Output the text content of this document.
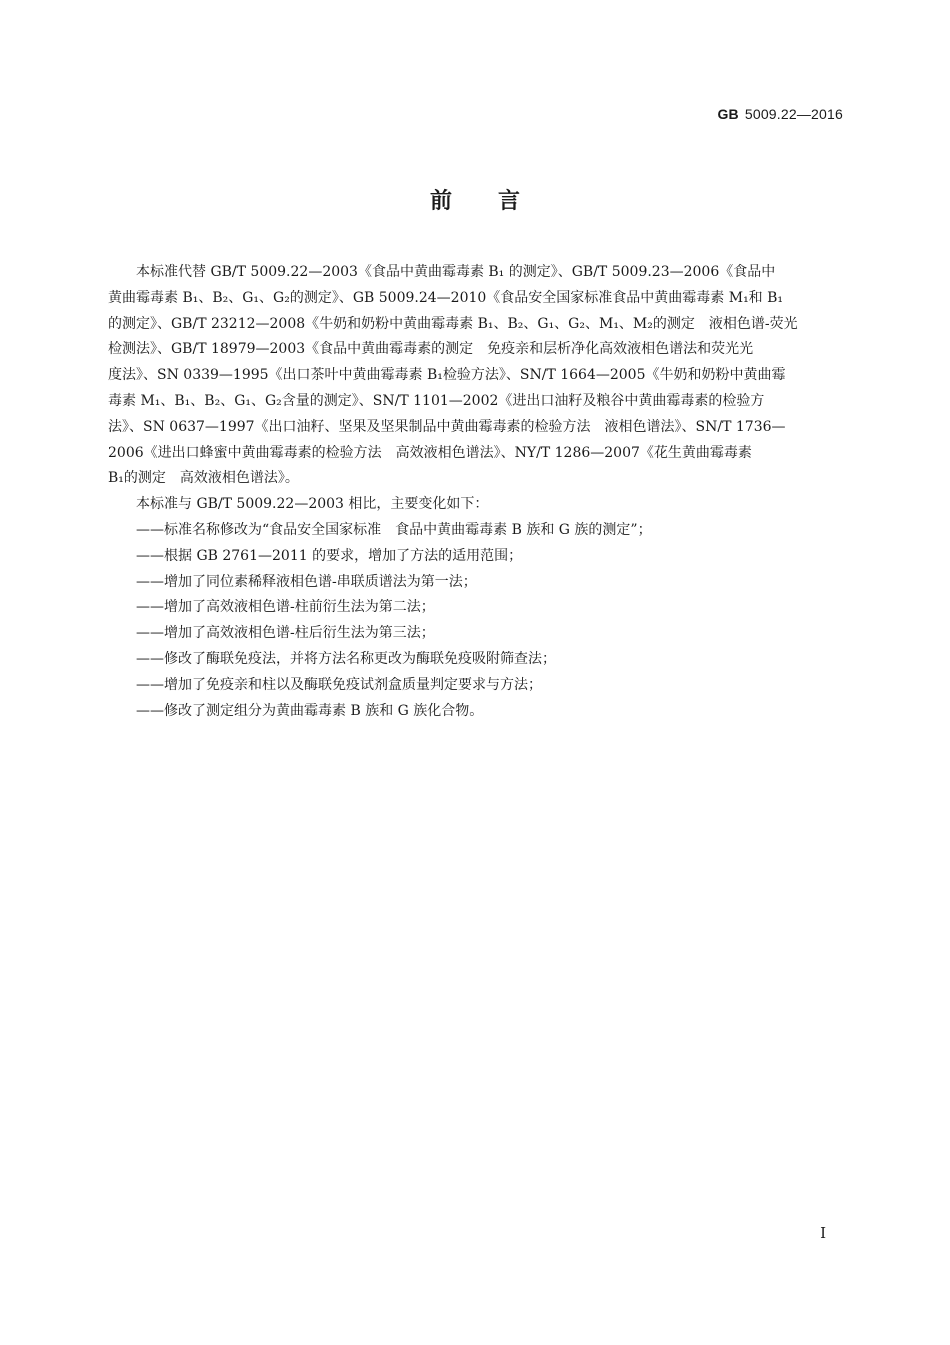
GB 5009.22—2016
前言

本标准代替 GB/T 5009.22—2003《食品中黄曲霉毒素 B₁ 的测定》、GB/T 5009.23—2006《食品中
黄曲霉毒素 B₁、B₂、G₁、G₂的测定》、GB 5009.24—2010《食品安全国家标准食品中黄曲霉毒素 M₁和 B₁
的测定》、GB/T 23212—2008《牛奶和奶粉中黄曲霉毒素 B₁、B₂、G₁、G₂、M₁、M₂的测定　液相色谱-荧光
检测法》、GB/T 18979—2003《食品中黄曲霉毒素的测定　免疫亲和层析净化高效液相色谱法和荧光光
度法》、SN 0339—1995《出口茶叶中黄曲霉毒素 B₁检验方法》、SN/T 1664—2005《牛奶和奶粉中黄曲霉
毒素 M₁、B₁、B₂、G₁、G₂含量的测定》、SN/T 1101—2002《进出口油籽及粮谷中黄曲霉毒素的检验方
法》、SN 0637—1997《出口油籽、坚果及坚果制品中黄曲霉毒素的检验方法　液相色谱法》、SN/T 1736—
2006《进出口蜂蜜中黄曲霉毒素的检验方法　高效液相色谱法》、NY/T 1286—2007《花生黄曲霉毒素
B₁的测定　高效液相色谱法》。

本标准与 GB/T 5009.22—2003 相比，主要变化如下：

——标准名称修改为“食品安全国家标准　食品中黄曲霉毒素 B 族和 G 族的测定”；
——根据 GB 2761—2011 的要求，增加了方法的适用范围；
——增加了同位素稀释液相色谱-串联质谱法为第一法；
——增加了高效液相色谱-柱前衍生法为第二法；
——增加了高效液相色谱-柱后衍生法为第三法；
——修改了酶联免疫法，并将方法名称更改为酶联免疫吸附筛查法；
——增加了免疫亲和柱以及酶联免疫试剂盒质量判定要求与方法；
——修改了测定组分为黄曲霉毒素 B 族和 G 族化合物。
I
